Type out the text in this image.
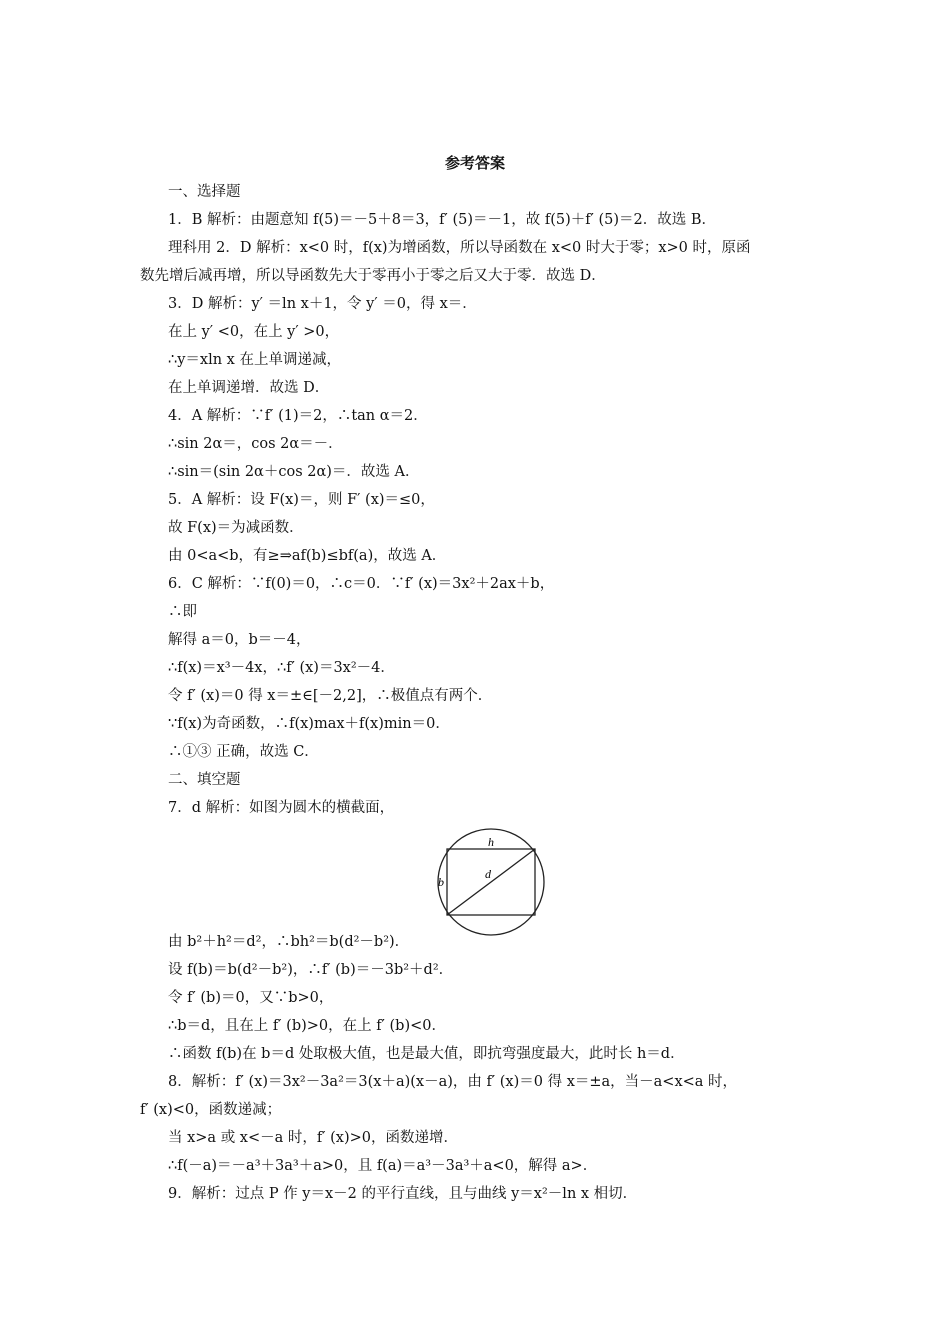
参考答案
一、选择题
1．B 解析：由题意知 f(5)＝－5＋8＝3，f′ (5)＝－1，故 f(5)＋f′ (5)＝2．故选 B．
理科用 2．D 解析：x<0 时，f(x)为增函数，所以导函数在 x<0 时大于零；x>0 时，原函
数先增后减再增，所以导函数先大于零再小于零之后又大于零．故选 D．
3．D 解析：y′ ＝ln x＋1，令 y′ ＝0，得 x＝．
在上 y′ <0，在上 y′ >0，
∴y＝xln x 在上单调递减，
在上单调递增．故选 D．
4．A 解析：∵f′ (1)＝2，∴tan α＝2．
∴sin 2α＝，cos 2α＝－．
∴sin＝(sin 2α＋cos 2α)＝．故选 A．
5．A 解析：设 F(x)＝，则 F′ (x)＝≤0，
故 F(x)＝为减函数．
由 0<a<b，有≥⇒af(b)≤bf(a)，故选 A．
6．C 解析：∵f(0)＝0，∴c＝0．∵f′ (x)＝3x²＋2ax＋b，
∴即
解得 a＝0，b＝－4，
∴f(x)＝x³－4x，∴f′ (x)＝3x²－4．
令 f′ (x)＝0 得 x＝±∈[－2,2]，∴极值点有两个．
∵f(x)为奇函数，∴f(x)max＋f(x)min＝0．
∴①③ 正确，故选 C．
二、填空题
7．d 解析：如图为圆木的横截面，
h
b
d
由 b²＋h²＝d²，∴bh²＝b(d²－b²)．
设 f(b)＝b(d²－b²)，∴f′ (b)＝－3b²＋d²．
令 f′ (b)＝0，又∵b>0，
∴b＝d，且在上 f′ (b)>0，在上 f′ (b)<0．
∴函数 f(b)在 b＝d 处取极大值，也是最大值，即抗弯强度最大，此时长 h＝d．
8．解析：f′ (x)＝3x²－3a²＝3(x＋a)(x－a)，由 f′ (x)＝0 得 x＝±a，当－a<x<a 时，
f′ (x)<0，函数递减；
当 x>a 或 x<－a 时，f′ (x)>0，函数递增．
∴f(－a)＝－a³＋3a³＋a>0，且 f(a)＝a³－3a³＋a<0，解得 a>．
9．解析：过点 P 作 y＝x－2 的平行直线，且与曲线 y＝x²－ln x 相切．
